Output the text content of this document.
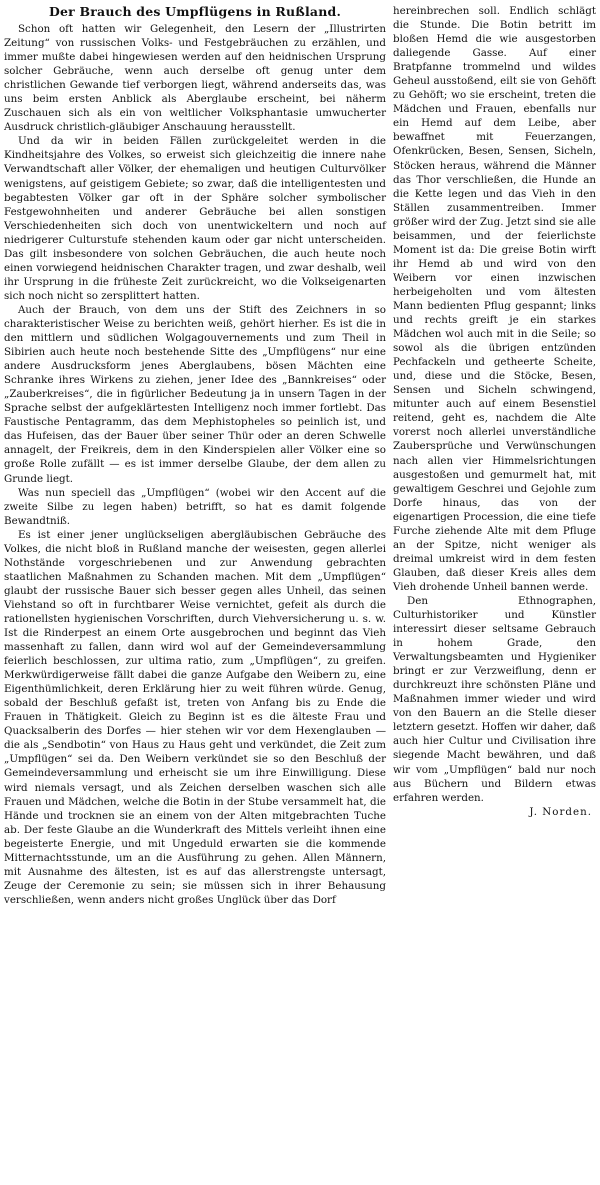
Der Brauch des Umpflügens in Rußland.

Schon oft hatten wir Gelegenheit, den Lesern der „Illustrirten Zeitung“ von russischen Volks- und Festgebräuchen zu erzählen, und immer mußte dabei hingewiesen werden auf den heidnischen Ursprung solcher Gebräuche, wenn auch derselbe oft genug unter dem christlichen Gewande tief verborgen liegt, während anderseits das, was uns beim ersten Anblick als Aberglaube erscheint, bei näherm Zuschauen sich als ein von weltlicher Volksphantasie umwucherter Ausdruck christlich-gläubiger Anschauung herausstellt.

Und da wir in beiden Fällen zurückgeleitet werden in die Kindheitsjahre des Volkes, so erweist sich gleichzeitig die innere nahe Verwandtschaft aller Völker, der ehemaligen und heutigen Culturvölker wenigstens, auf geistigem Gebiete; so zwar, daß die intelligentesten und begabtesten Völker gar oft in der Sphäre solcher symbolischer Festgewohnheiten und anderer Gebräuche bei allen sonstigen Verschiedenheiten sich doch von unentwickeltern und noch auf niedrigerer Culturstufe stehenden kaum oder gar nicht unterscheiden. Das gilt insbesondere von solchen Gebräuchen, die auch heute noch einen vorwiegend heidnischen Charakter tragen, und zwar deshalb, weil ihr Ursprung in die früheste Zeit zurückreicht, wo die Volkseigenarten sich noch nicht so zersplittert hatten.

Auch der Brauch, von dem uns der Stift des Zeichners in so charakteristischer Weise zu berichten weiß, gehört hierher. Es ist die in den mittlern und südlichen Wolgagouvernements und zum Theil in Sibirien auch heute noch bestehende Sitte des „Umpflügens“ nur eine andere Ausdrucksform jenes Aberglaubens, bösen Mächten eine Schranke ihres Wirkens zu ziehen, jener Idee des „Bannkreises“ oder „Zauberkreises“, die in figürlicher Bedeutung ja in unsern Tagen in der Sprache selbst der aufgeklärtesten Intelligenz noch immer fortlebt. Das Faustische Pentagramm, das dem Mephistopheles so peinlich ist, und das Hufeisen, das der Bauer über seiner Thür oder an deren Schwelle annagelt, der Freikreis, dem in den Kinderspielen aller Völker eine so große Rolle zufällt — es ist immer derselbe Glaube, der dem allen zu Grunde liegt.

Was nun speciell das „Umpflügen“ (wobei wir den Accent auf die zweite Silbe zu legen haben) betrifft, so hat es damit folgende Bewandtniß.

Es ist einer jener unglückseligen abergläubischen Gebräuche des Volkes, die nicht bloß in Rußland manche der weisesten, gegen allerlei Nothstände vorgeschriebenen und zur Anwendung gebrachten staatlichen Maßnahmen zu Schanden machen. Mit dem „Umpflügen“ glaubt der russische Bauer sich besser gegen alles Unheil, das seinen Viehstand so oft in furchtbarer Weise vernichtet, gefeit als durch die rationellsten hygienischen Vorschriften, durch Viehversicherung u. s. w. Ist die Rinderpest an einem Orte ausgebrochen und beginnt das Vieh massenhaft zu fallen, dann wird wol auf der Gemeindeversammlung feierlich beschlossen, zur ultima ratio, zum „Umpflügen“, zu greifen. Merkwürdigerweise fällt dabei die ganze Aufgabe den Weibern zu, eine Eigenthümlichkeit, deren Erklärung hier zu weit führen würde. Genug, sobald der Beschluß gefaßt ist, treten von Anfang bis zu Ende die Frauen in Thätigkeit. Gleich zu Beginn ist es die älteste Frau und Quacksalberin des Dorfes — hier stehen wir vor dem Hexenglauben — die als „Sendbotin“ von Haus zu Haus geht und verkündet, die Zeit zum „Umpflügen“ sei da. Den Weibern verkündet sie so den Beschluß der Gemeindeversammlung und erheischt sie um ihre Einwilligung. Diese wird niemals versagt, und als Zeichen derselben waschen sich alle Frauen und Mädchen, welche die Botin in der Stube versammelt hat, die Hände und trocknen sie an einem von der Alten mitgebrachten Tuche ab. Der feste Glaube an die Wunderkraft des Mittels verleiht ihnen eine begeisterte Energie, und mit Ungeduld erwarten sie die kommende Mitternachtsstunde, um an die Ausführung zu gehen. Allen Männern, mit Ausnahme des ältesten, ist es auf das allerstrengste untersagt, Zeuge der Ceremonie zu sein; sie müssen sich in ihrer Behausung verschließen, wenn anders nicht großes Unglück über das Dorf

hereinbrechen soll. Endlich schlägt die Stunde. Die Botin betritt im bloßen Hemd die wie ausgestorben daliegende Gasse. Auf einer Bratpfanne trommelnd und wildes Geheul ausstoßend, eilt sie von Gehöft zu Gehöft; wo sie erscheint, treten die Mädchen und Frauen, ebenfalls nur ein Hemd auf dem Leibe, aber bewaffnet mit Feuerzangen, Ofenkrücken, Besen, Sensen, Sicheln, Stöcken heraus, während die Männer das Thor verschließen, die Hunde an die Kette legen und das Vieh in den Ställen zusammentreiben. Immer größer wird der Zug. Jetzt sind sie alle beisammen, und der feierlichste Moment ist da: Die greise Botin wirft ihr Hemd ab und wird von den Weibern vor einen inzwischen herbeigeholten und vom ältesten Mann bedienten Pflug gespannt; links und rechts greift je ein starkes Mädchen wol auch mit in die Seile; so sowol als die übrigen entzünden Pechfackeln und getheerte Scheite, und, diese und die Stöcke, Besen, Sensen und Sicheln schwingend, mitunter auch auf einem Besenstiel reitend, geht es, nachdem die Alte vorerst noch allerlei unverständliche Zaubersprüche und Verwünschungen nach allen vier Himmelsrichtungen ausgestoßen und gemurmelt hat, mit gewaltigem Geschrei und Gejohle zum Dorfe hinaus, das von der eigenartigen Procession, die eine tiefe Furche ziehende Alte mit dem Pfluge an der Spitze, nicht weniger als dreimal umkreist wird in dem festen Glauben, daß dieser Kreis alles dem Vieh drohende Unheil bannen werde.

Den Ethnographen, Culturhistoriker und Künstler interessirt dieser seltsame Gebrauch in hohem Grade, den Verwaltungsbeamten und Hygieniker bringt er zur Verzweiflung, denn er durchkreuzt ihre schönsten Pläne und Maßnahmen immer wieder und wird von den Bauern an die Stelle dieser letztern gesetzt. Hoffen wir daher, daß auch hier Cultur und Civilisation ihre siegende Macht bewähren, und daß wir vom „Umpflügen“ bald nur noch aus Büchern und Bildern etwas erfahren werden.

J. Norden.
